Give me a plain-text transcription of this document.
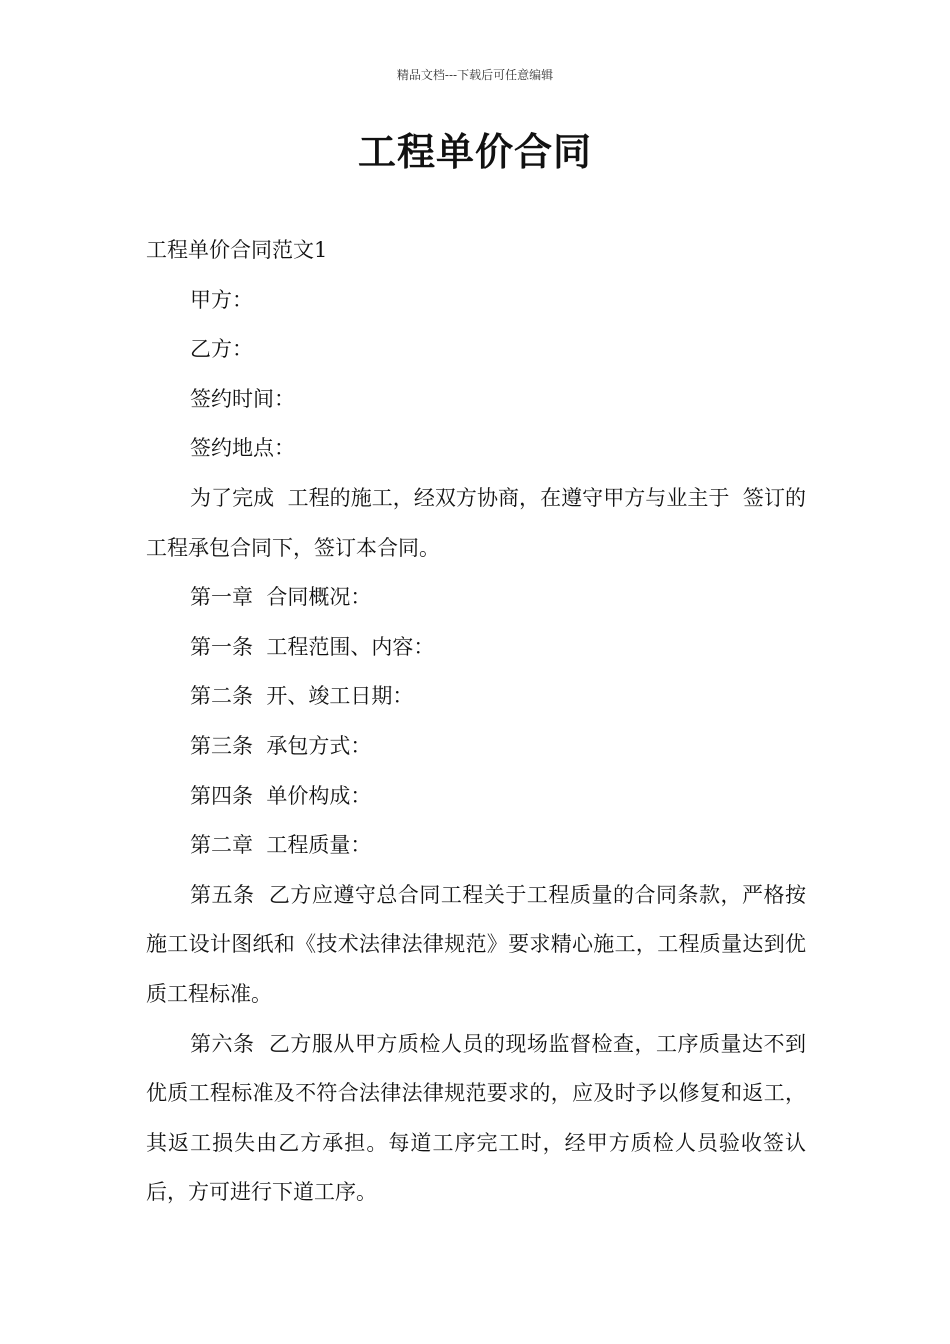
精品文档---下载后可任意编辑
工程单价合同

工程单价合同范文1

甲方：

乙方：

签约时间：

签约地点：

为了完成  工程的施工，经双方协商，在遵守甲方与业主于  签订的工程承包合同下，签订本合同。

第一章  合同概况：

第一条  工程范围、内容：

第二条  开、竣工日期：

第三条  承包方式：

第四条  单价构成：

第二章  工程质量：

第五条  乙方应遵守总合同工程关于工程质量的合同条款，严格按施工设计图纸和《技术法律法律规范》要求精心施工，工程质量达到优质工程标准。

第六条  乙方服从甲方质检人员的现场监督检查，工序质量达不到优质工程标准及不符合法律法律规范要求的，应及时予以修复和返工，其返工损失由乙方承担。每道工序完工时，经甲方质检人员验收签认后，方可进行下道工序。
